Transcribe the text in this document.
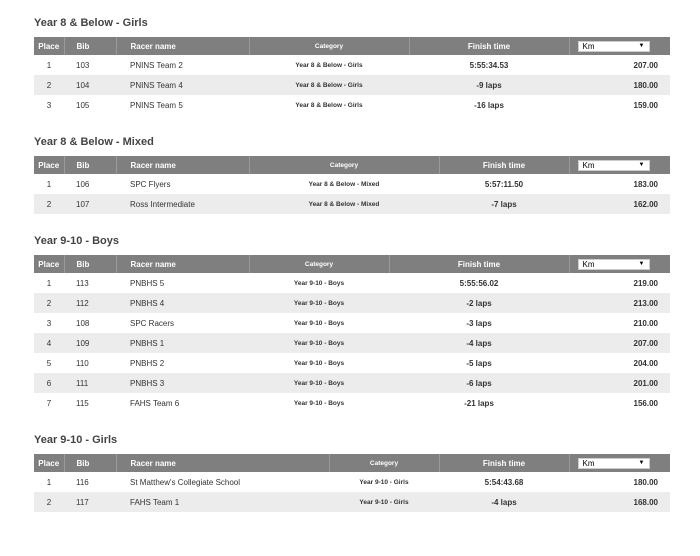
Year 8 & Below - Girls
Place	Bib	Racer name	Category	Finish time	Km ▼

1	103	PNINS Team 2	Year 8 & Below - Girls	5:55:34.53	207.00
2	104	PNINS Team 4	Year 8 & Below - Girls	-9 laps	180.00
3	105	PNINS Team 5	Year 8 & Below - Girls	-16 laps	159.00
Year 8 & Below - Mixed
Place	Bib	Racer name	Category	Finish time	Km ▼

1	106	SPC Flyers	Year 8 & Below - Mixed	5:57:11.50	183.00
2	107	Ross Intermediate	Year 8 & Below - Mixed	-7 laps	162.00
Year 9-10 - Boys
Place	Bib	Racer name	Category	Finish time	Km ▼

1	113	PNBHS 5	Year 9-10 - Boys	5:55:56.02	219.00
2	112	PNBHS 4	Year 9-10 - Boys	-2 laps	213.00
3	108	SPC Racers	Year 9-10 - Boys	-3 laps	210.00
4	109	PNBHS 1	Year 9-10 - Boys	-4 laps	207.00
5	110	PNBHS 2	Year 9-10 - Boys	-5 laps	204.00
6	111	PNBHS 3	Year 9-10 - Boys	-6 laps	201.00
7	115	FAHS Team 6	Year 9-10 - Boys	-21 laps	156.00
Year 9-10 - Girls
Place	Bib	Racer name	Category	Finish time	Km ▼

1	116	St Matthew's Collegiate School	Year 9-10 - Girls	5:54:43.68	180.00
2	117	FAHS Team 1	Year 9-10 - Girls	-4 laps	168.00
